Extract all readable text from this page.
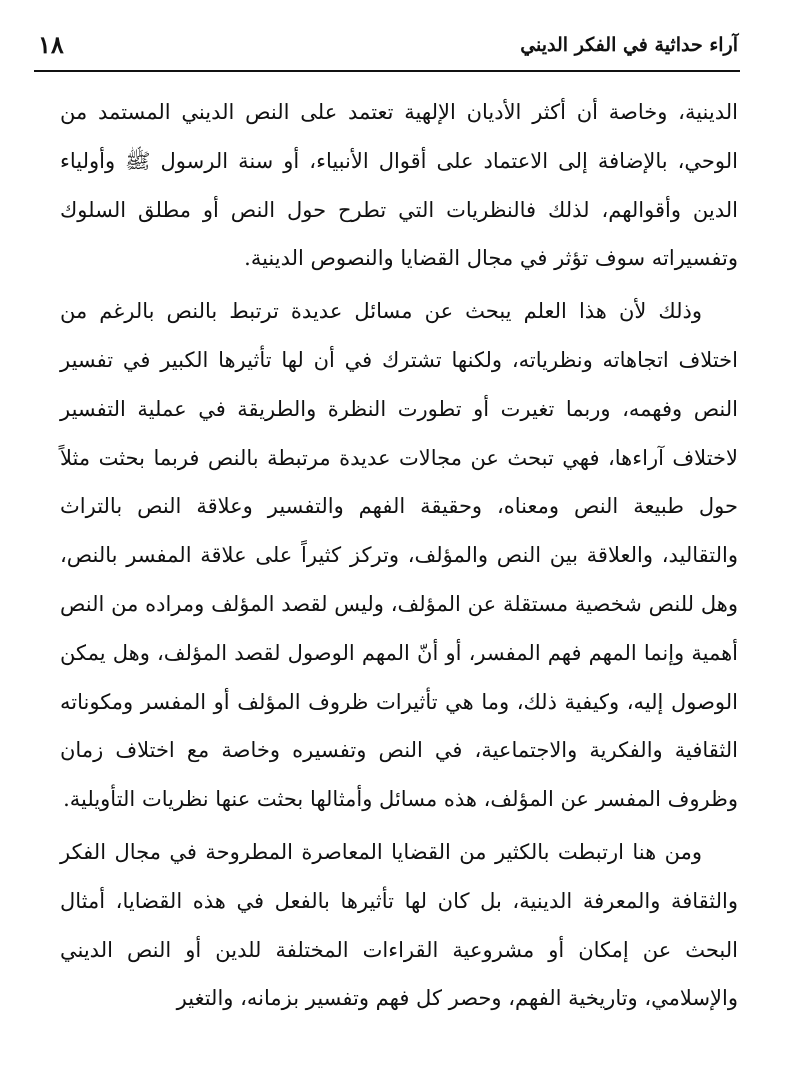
آراء حداثية في الفكر الديني
١٨

الدينية، وخاصة أن أكثر الأديان الإلهية تعتمد على النص الديني المستمد من الوحي، بالإضافة إلى الاعتماد على أقوال الأنبياء، أو سنة الرسول ﷺ وأولياء الدين وأقوالهم، لذلك فالنظريات التي تطرح حول النص أو مطلق السلوك وتفسيراته سوف تؤثر في مجال القضايا والنصوص الدينية.

وذلك لأن هذا العلم يبحث عن مسائل عديدة ترتبط بالنص بالرغم من اختلاف اتجاهاته ونظرياته، ولكنها تشترك في أن لها تأثيرها الكبير في تفسير النص وفهمه، وربما تغيرت أو تطورت النظرة والطريقة في عملية التفسير لاختلاف آراءها، فهي تبحث عن مجالات عديدة مرتبطة بالنص فربما بحثت مثلاً حول طبيعة النص ومعناه، وحقيقة الفهم والتفسير وعلاقة النص بالتراث والتقاليد، والعلاقة بين النص والمؤلف، وتركز كثيراً على علاقة المفسر بالنص، وهل للنص شخصية مستقلة عن المؤلف، وليس لقصد المؤلف ومراده من النص أهمية وإنما المهم فهم المفسر، أو أنّ المهم الوصول لقصد المؤلف، وهل يمكن الوصول إليه، وكيفية ذلك، وما هي تأثيرات ظروف المؤلف أو المفسر ومكوناته الثقافية والفكرية والاجتماعية، في النص وتفسيره وخاصة مع اختلاف زمان وظروف المفسر عن المؤلف، هذه مسائل وأمثالها بحثت عنها نظريات التأويلية.

ومن هنا ارتبطت بالكثير من القضايا المعاصرة المطروحة في مجال الفكر والثقافة والمعرفة الدينية، بل كان لها تأثيرها بالفعل في هذه القضايا، أمثال البحث عن إمكان أو مشروعية القراءات المختلفة للدين أو النص الديني والإسلامي، وتاريخية الفهم، وحصر كل فهم وتفسير بزمانه، والتغير
